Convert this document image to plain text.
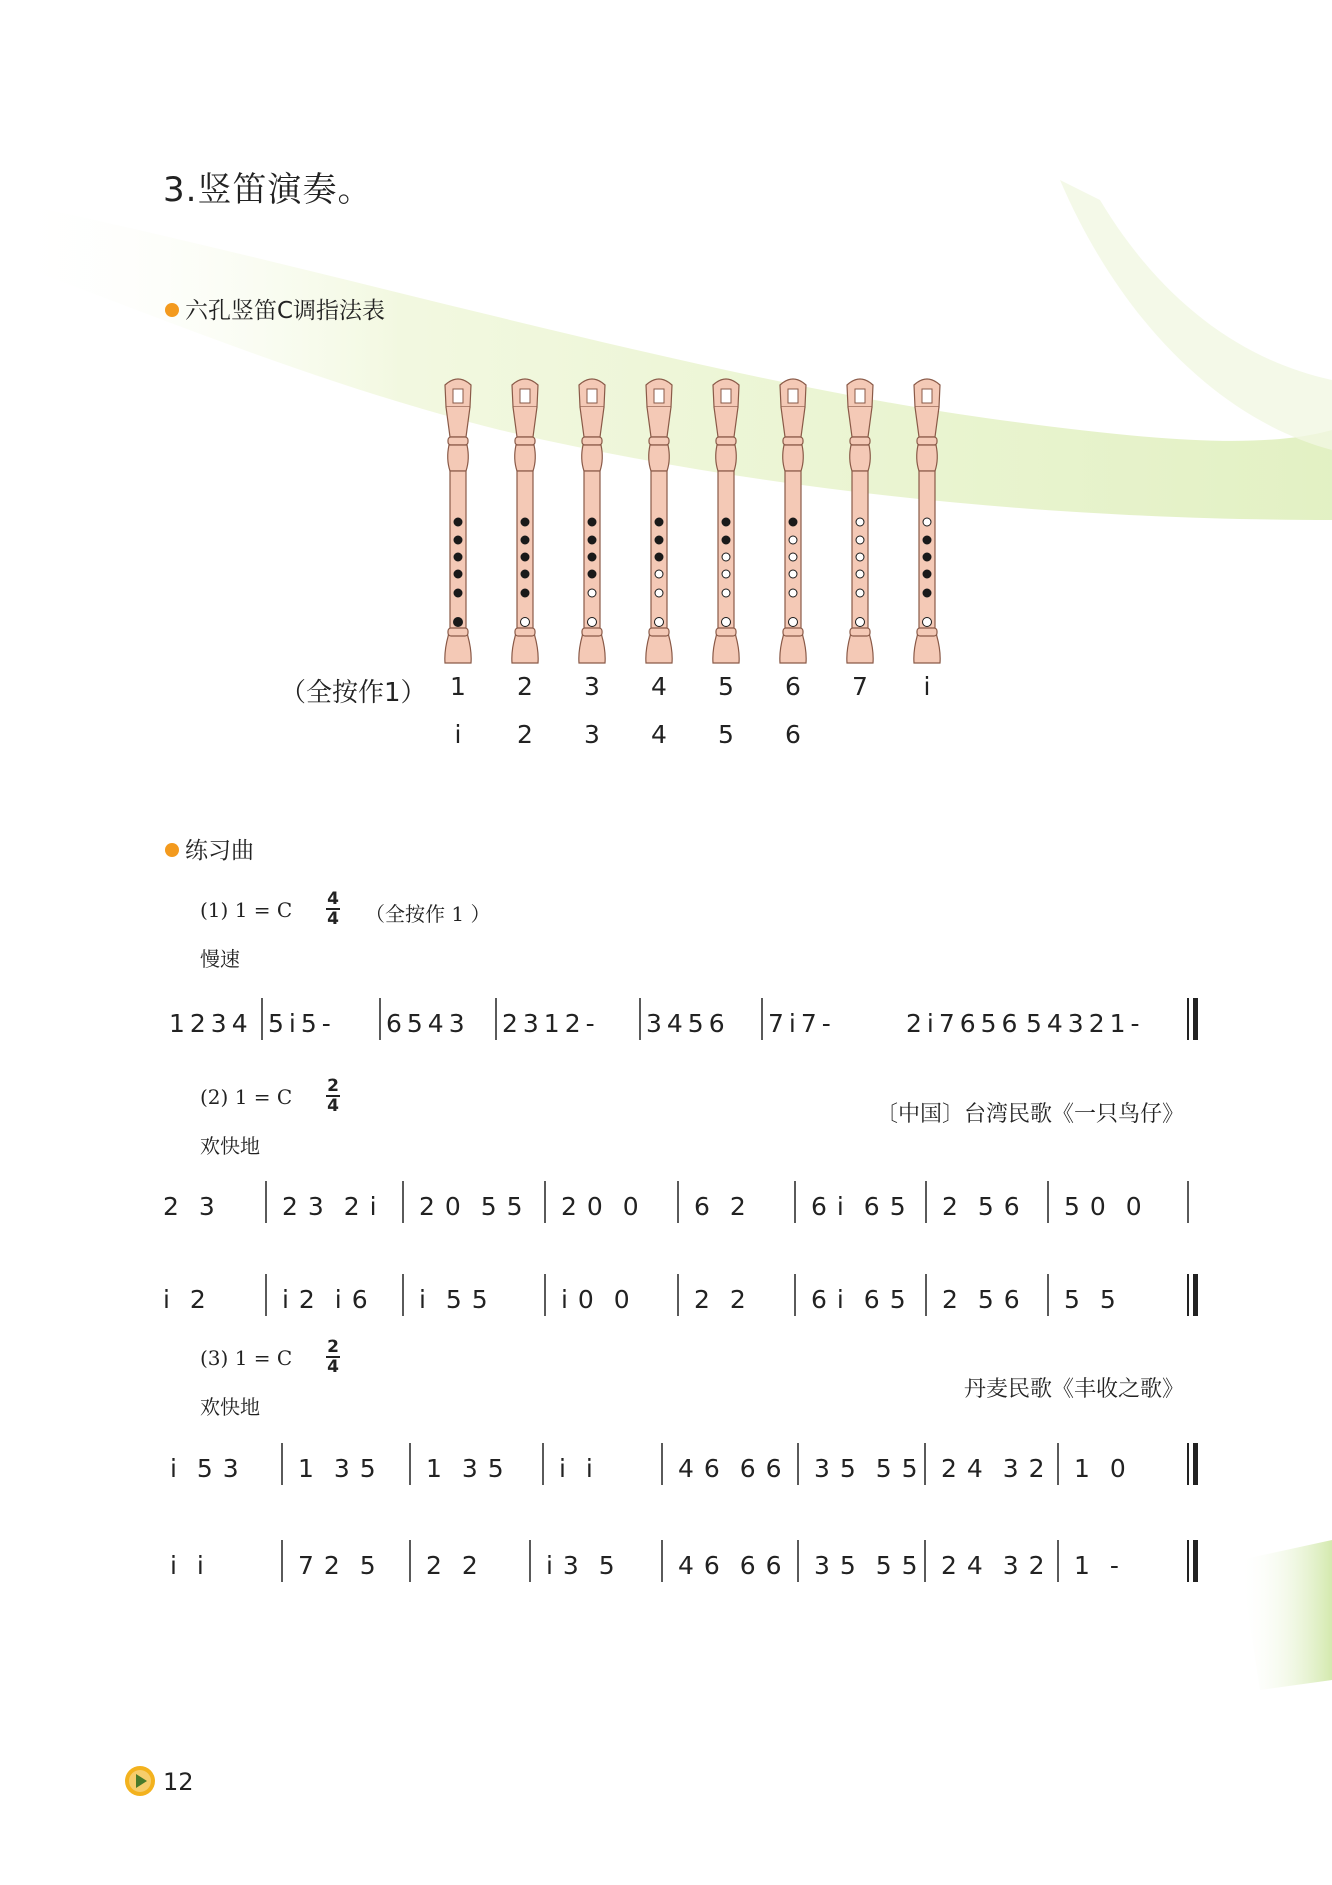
3.竖笛演奏。
六孔竖笛C调指法表
（全按作1） 1 2 3 4 5 6 7	i
i	2 3 4 5 6
练习曲
(1) 1 = C 4
4 （全按作 1 ）
慢速
1 2 3 4 5 i 5 - 6 5 4 3 2 3 1 2 - 3 4 5 6 7 i 7 -	2 i 7 6 5 6 5 4 3 2 1 -
(2) 1 = C 2
4
欢快地
〔中国〕台湾民歌《一只鸟仔》
2    3	2  3    2  i 2  0    5  5 2  0    0 6    2	6  i    6  5 2    5  6 5  0    0
i    2	i  2    i  6 i    5  5	i  0    0	2    2	6  i    6  5 2    5  6 5    5
(3) 1 = C 2
4
欢快地
丹麦民歌《丰收之歌》
i    5  3 1    3  5 1    3  5 i    i	4  6    6  6 3  5    5  5 2  4    3  2 1    0
i    i	7  2    5 2    2	i  3    5	4  6    6  6 3  5    5  5 2  4    3  2 1    -
12
